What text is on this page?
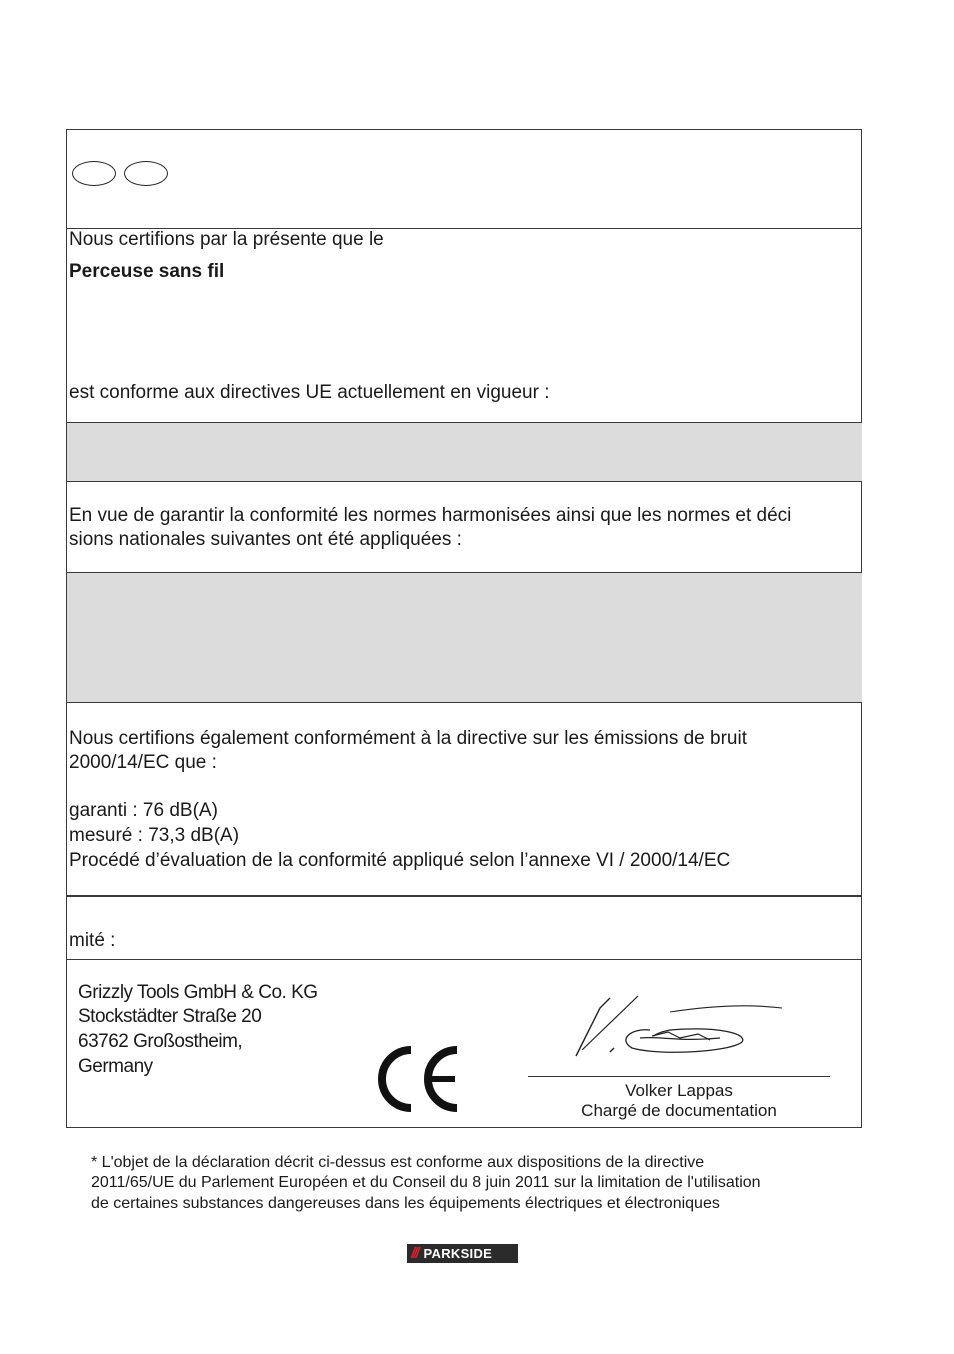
Nous certifions par la présente que le
Perceuse sans fil
est conforme aux directives UE actuellement en vigueur :
En vue de garantir la conformité les normes harmonisées ainsi que les normes et déci
sions nationales suivantes ont été appliquées :
Nous certifions également conformément à la directive sur les émissions de bruit
2000/14/EC que :
garanti : 76 dB(A)
mesuré : 73,3 dB(A)
Procédé d’évaluation de la conformité appliqué selon l’annexe VI / 2000/14/EC
mité :
Grizzly Tools GmbH & Co. KG
Stockstädter Straße 20
63762 Großostheim,
Germany
Volker Lappas
Chargé de documentation
* L'objet de la déclaration décrit ci-dessus est conforme aux dispositions de la directive
2011/65/UE du Parlement Européen et du Conseil du 8 juin 2011 sur la limitation de l'utilisation
de certaines substances dangereuses dans les équipements électriques et électroniques
/// PARKSIDE
